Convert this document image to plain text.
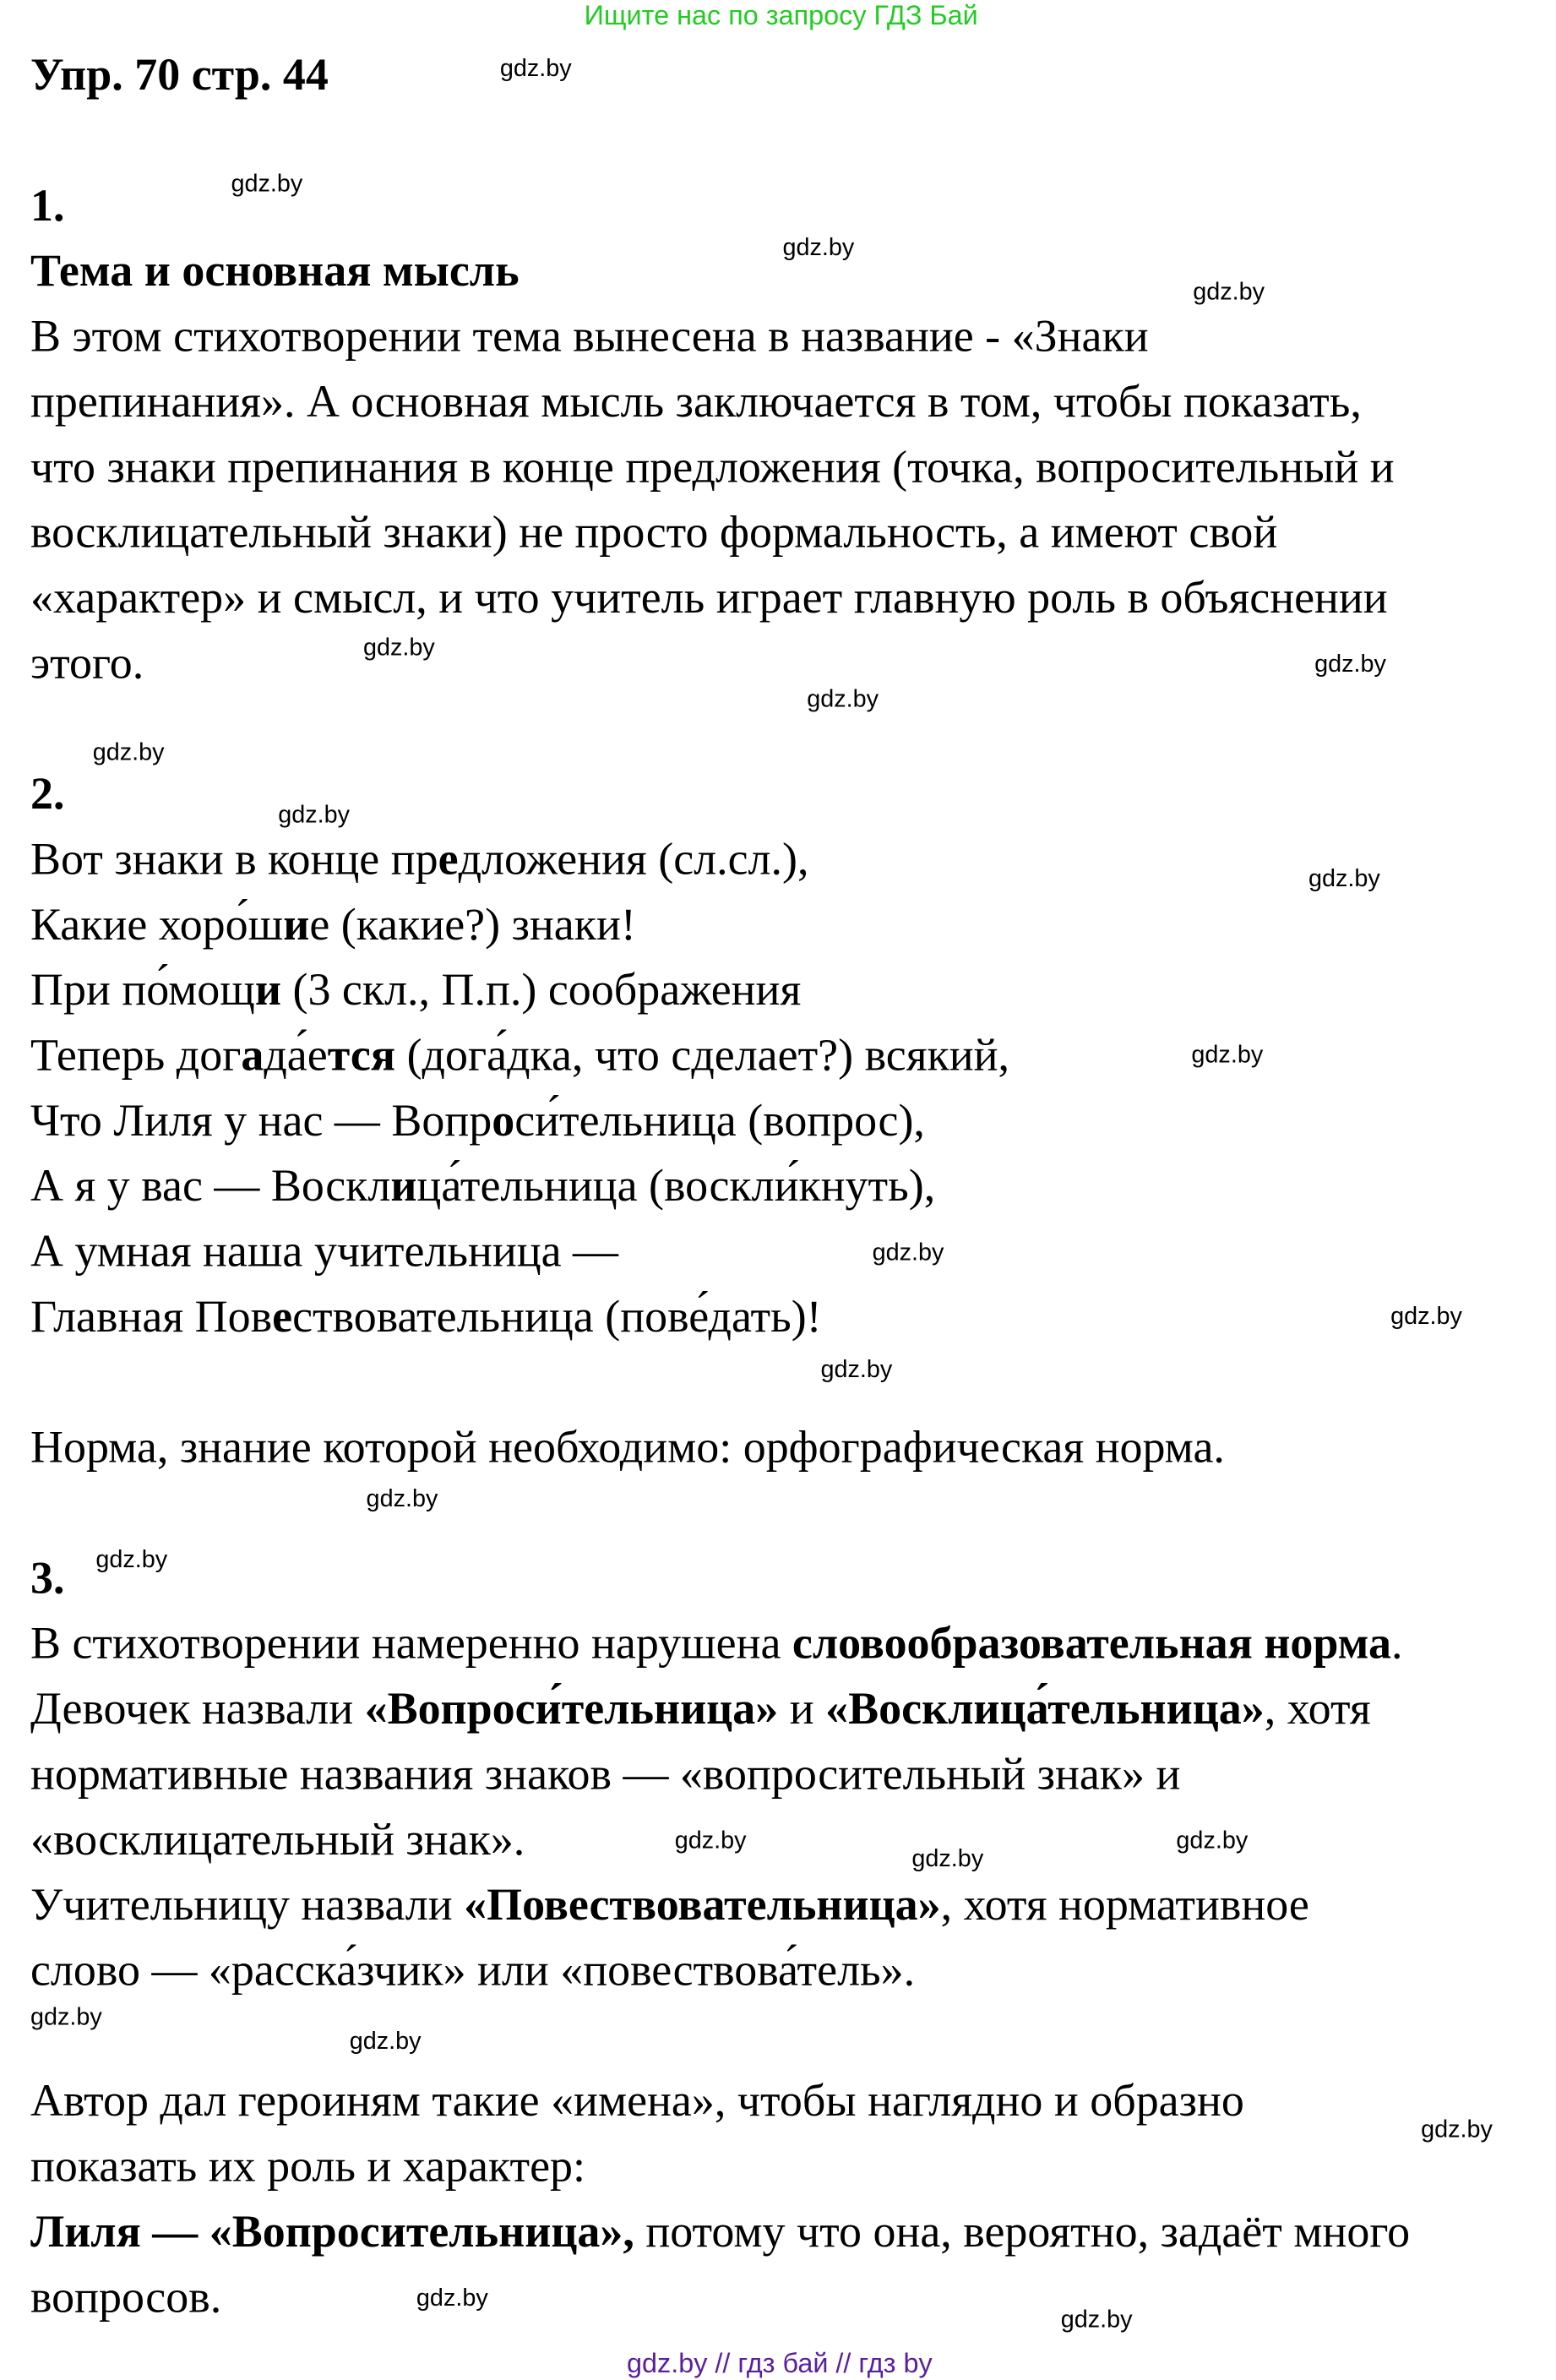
Ищите нас по запросу ГДЗ Бай
Упр. 70 стр. 44
1.
Тема и основная мысль
В этом стихотворении тема вынесена в название - «Знаки
препинания». А основная мысль заключается в том, чтобы показать,
что знаки препинания в конце предложения (точка, вопросительный и
восклицательный знаки) не просто формальность, а имеют свой
«характер» и смысл, и что учитель играет главную роль в объяснении
этого.
2.
Вот знаки в конце предложения (сл.сл.),
Какие хоро́шие (какие?) знаки!
При по́мощи (3 скл., П.п.) соображения
Теперь догада́ется (дога́дка, что сделает?) всякий,
Что Лиля у нас — Вопроси́тельница (вопрос),
А я у вас — Восклица́тельница (воскли́кнуть),
А умная наша учительница —
Главная Повествовательница (пове́дать)!
Норма, знание которой необходимо: орфографическая норма.
3.
В стихотворении намеренно нарушена словообразовательная норма.
Девочек назвали «Вопроси́тельница» и «Восклица́тельница», хотя
нормативные названия знаков — «вопросительный знак» и
«восклицательный знак».
Учительницу назвали «Повествовательница», хотя нормативное
слово — «расска́зчик» или «повествова́тель».
Автор дал героиням такие «имена», чтобы наглядно и образно
показать их роль и характер:
Лиля — «Вопросительница», потому что она, вероятно, задаёт много
вопросов.
gdz.by
gdz.by
gdz.by
gdz.by
gdz.by
gdz.by
gdz.by
gdz.by
gdz.by
gdz.by
gdz.by
gdz.by
gdz.by
gdz.by
gdz.by
gdz.by
gdz.by
gdz.by
gdz.by
gdz.by
gdz.by
gdz.by
gdz.by
gdz.by
gdz.by // гдз бай // гдз by
